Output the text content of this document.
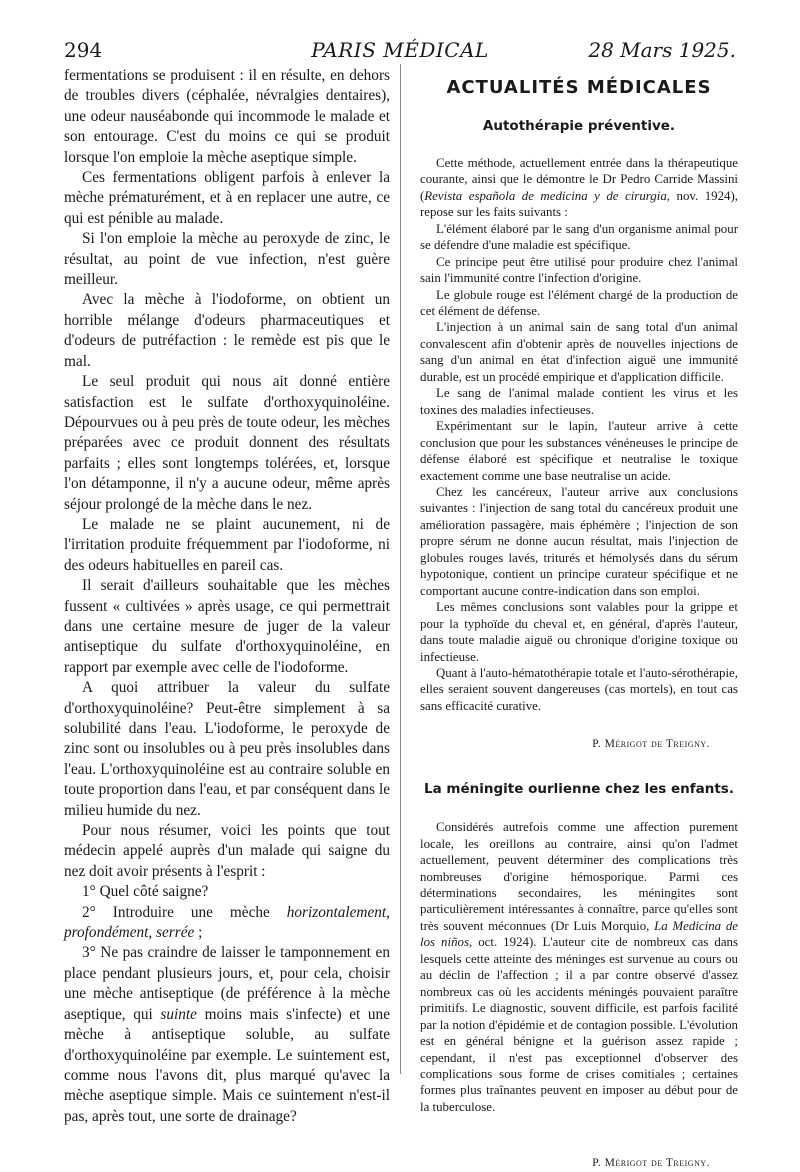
294	PARIS MÉDICAL	28 Mars 1925.

fermentations se produisent : il en résulte, en dehors de troubles divers (céphalée, névralgies dentaires), une odeur nauséabonde qui incommode le malade et son entourage. C'est du moins ce qui se produit lorsque l'on emploie la mèche aseptique simple.

Ces fermentations obligent parfois à enlever la mèche prématurément, et à en replacer une autre, ce qui est pénible au malade.

Si l'on emploie la mèche au peroxyde de zinc, le résultat, au point de vue infection, n'est guère meilleur.

Avec la mèche à l'iodoforme, on obtient un horrible mélange d'odeurs pharmaceutiques et d'odeurs de putréfaction : le remède est pis que le mal.

Le seul produit qui nous ait donné entière satisfaction est le sulfate d'orthoxyquinoléine. Dépourvues ou à peu près de toute odeur, les mèches préparées avec ce produit donnent des résultats parfaits ; elles sont longtemps tolérées, et, lorsque l'on détamponne, il n'y a aucune odeur, même après séjour prolongé de la mèche dans le nez.

Le malade ne se plaint aucunement, ni de l'irritation produite fréquemment par l'iodoforme, ni des odeurs habituelles en pareil cas.

Il serait d'ailleurs souhaitable que les mèches fussent « cultivées » après usage, ce qui permettrait dans une certaine mesure de juger de la valeur antiseptique du sulfate d'orthoxyquinoléine, en rapport par exemple avec celle de l'iodoforme.

A quoi attribuer la valeur du sulfate d'orthoxyquinoléine? Peut-être simplement à sa solubilité dans l'eau. L'iodoforme, le peroxyde de zinc sont ou insolubles ou à peu près insolubles dans l'eau. L'orthoxyquinoléine est au contraire soluble en toute proportion dans l'eau, et par conséquent dans le milieu humide du nez.

Pour nous résumer, voici les points que tout médecin appelé auprès d'un malade qui saigne du nez doit avoir présents à l'esprit :

1° Quel côté saigne?

2° Introduire une mèche horizontalement, profondément, serrée ;

3° Ne pas craindre de laisser le tamponnement en place pendant plusieurs jours, et, pour cela, choisir une mèche antiseptique (de préférence à la mèche aseptique, qui suinte moins mais s'infecte) et une mèche à antiseptique soluble, au sulfate d'orthoxyquinoléine par exemple. Le suintement est, comme nous l'avons dit, plus marqué qu'avec la mèche aseptique simple. Mais ce suintement n'est-il pas, après tout, une sorte de drainage?

ACTUALITÉS MÉDICALES
Autothérapie préventive.

Cette méthode, actuellement entrée dans la thérapeutique courante, ainsi que le démontre le Dr Pedro Carride Massini (Revista española de medicina y de cirurgia, nov. 1924), repose sur les faits suivants :

L'élément élaboré par le sang d'un organisme animal pour se défendre d'une maladie est spécifique.

Ce principe peut être utilisé pour produire chez l'animal sain l'immunité contre l'infection d'origine.

Le globule rouge est l'élément chargé de la production de cet élément de défense.

L'injection à un animal sain de sang total d'un animal convalescent afin d'obtenir après de nouvelles injections de sang d'un animal en état d'infection aiguë une immunité durable, est un procédé empirique et d'application difficile.

Le sang de l'animal malade contient les virus et les toxines des maladies infectieuses.

Expérimentant sur le lapin, l'auteur arrive à cette conclusion que pour les substances vénéneuses le principe de défense élaboré est spécifique et neutralise le toxique exactement comme une base neutralise un acide.

Chez les cancéreux, l'auteur arrive aux conclusions suivantes : l'injection de sang total du cancéreux produit une amélioration passagère, mais éphémère ; l'injection de son propre sérum ne donne aucun résultat, mais l'injection de globules rouges lavés, triturés et hémolysés dans du sérum hypotonique, contient un principe curateur spécifique et ne comportant aucune contre-indication dans son emploi.

Les mêmes conclusions sont valables pour la grippe et pour la typhoïde du cheval et, en général, d'après l'auteur, dans toute maladie aiguë ou chronique d'origine toxique ou infectieuse.

Quant à l'auto-hématothérapie totale et l'auto-sérothérapie, elles seraient souvent dangereuses (cas mortels), en tout cas sans efficacité curative.

P. Mérigot de Treigny.

La méningite ourlienne chez les enfants.

Considérés autrefois comme une affection purement locale, les oreillons au contraire, ainsi qu'on l'admet actuellement, peuvent déterminer des complications très nombreuses d'origine hémosporique. Parmi ces déterminations secondaires, les méningites sont particulièrement intéressantes à connaître, parce qu'elles sont très souvent méconnues (Dr Luis Morquio, La Medicina de los niños, oct. 1924). L'auteur cite de nombreux cas dans lesquels cette atteinte des méninges est survenue au cours ou au déclin de l'affection ; il a par contre observé d'assez nombreux cas où les accidents méningés pouvaient paraître primitifs. Le diagnostic, souvent difficile, est parfois facilité par la notion d'épidémie et de contagion possible. L'évolution est en général bénigne et la guérison assez rapide ; cependant, il n'est pas exceptionnel d'observer des complications sous forme de crises comitiales ; certaines formes plus traînantes peuvent en imposer au début pour de la tuberculose.

P. Mérigot de Treigny.
